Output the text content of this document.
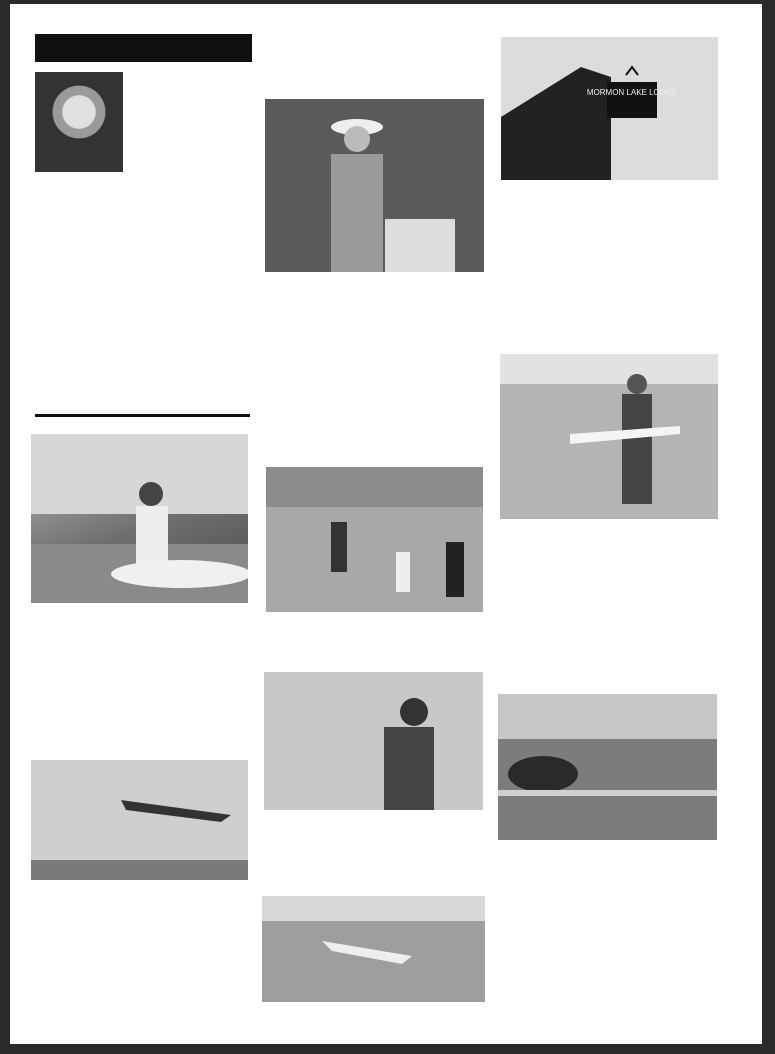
MORMON LAKE LODGE
